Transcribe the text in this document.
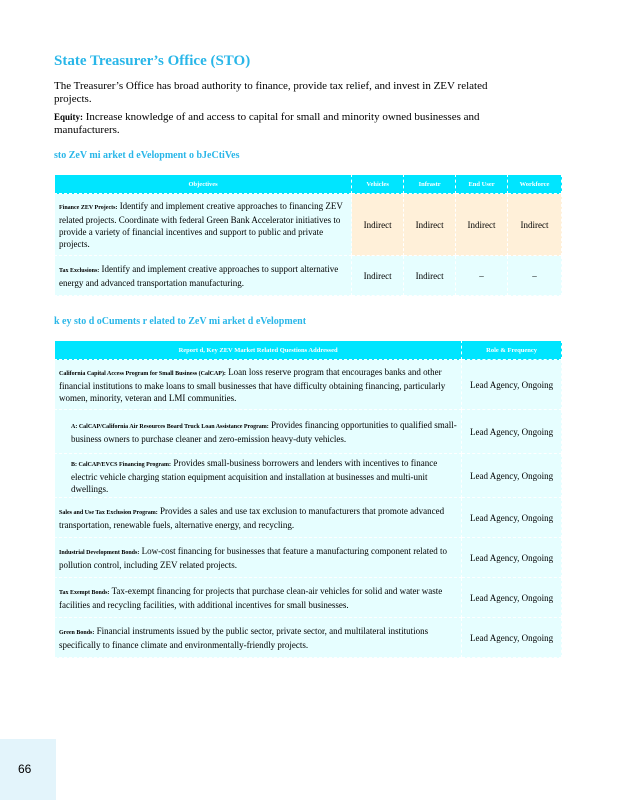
State Treasurer’s Office (STO)
The Treasurer’s Office has broad authority to finance, provide tax relief, and invest in ZEV related projects.
Equity: Increase knowledge of and access to capital for small and minority owned businesses and manufacturers.
sto ZeV mi arket d eVelopment o bJeCtiVes
Objectives	Vehicles	Infrastr	End User	Workforce
Finance ZEV Projects: Identify and implement creative approaches to financing ZEV related projects. Coordinate with federal Green Bank Accelerator initiatives to provide a variety of financial incentives and support to public and private projects.	Indirect	Indirect	Indirect	Indirect
Tax Exclusions: Identify and implement creative approaches to support alternative energy and advanced transportation manufacturing.	Indirect	Indirect	–	–
k ey sto d oCuments r elated to ZeV mi arket d eVelopment
Report d, Key ZEV Market Related Questions Addressed	Role & Frequency
California Capital Access Program for Small Business (CalCAP): Loan loss reserve program that encourages banks and other financial institutions to make loans to small businesses that have difficulty obtaining financing, particularly women, minority, veteran and LMI communities.	Lead Agency, Ongoing
A: CalCAP/California Air Resources Board Truck Loan Assistance Program: Provides financing opportunities to qualified small-business owners to purchase cleaner and zero-emission heavy-duty vehicles.	Lead Agency, Ongoing
B: CalCAP/EVCS Financing Program: Provides small-business borrowers and lenders with incentives to finance electric vehicle charging station equipment acquisition and installation at businesses and multi-unit dwellings.	Lead Agency, Ongoing
Sales and Use Tax Exclusion Program: Provides a sales and use tax exclusion to manufacturers that promote advanced transportation, renewable fuels, alternative energy, and recycling.	Lead Agency, Ongoing
Industrial Development Bonds: Low-cost financing for businesses that feature a manufacturing component related to pollution control, including ZEV related projects.	Lead Agency, Ongoing
Tax Exempt Bonds: Tax-exempt financing for projects that purchase clean-air vehicles for solid and water waste facilities and recycling facilities, with additional incentives for small businesses.	Lead Agency, Ongoing
Green Bonds: Financial instruments issued by the public sector, private sector, and multilateral institutions specifically to finance climate and environmentally-friendly projects.	Lead Agency, Ongoing
66
